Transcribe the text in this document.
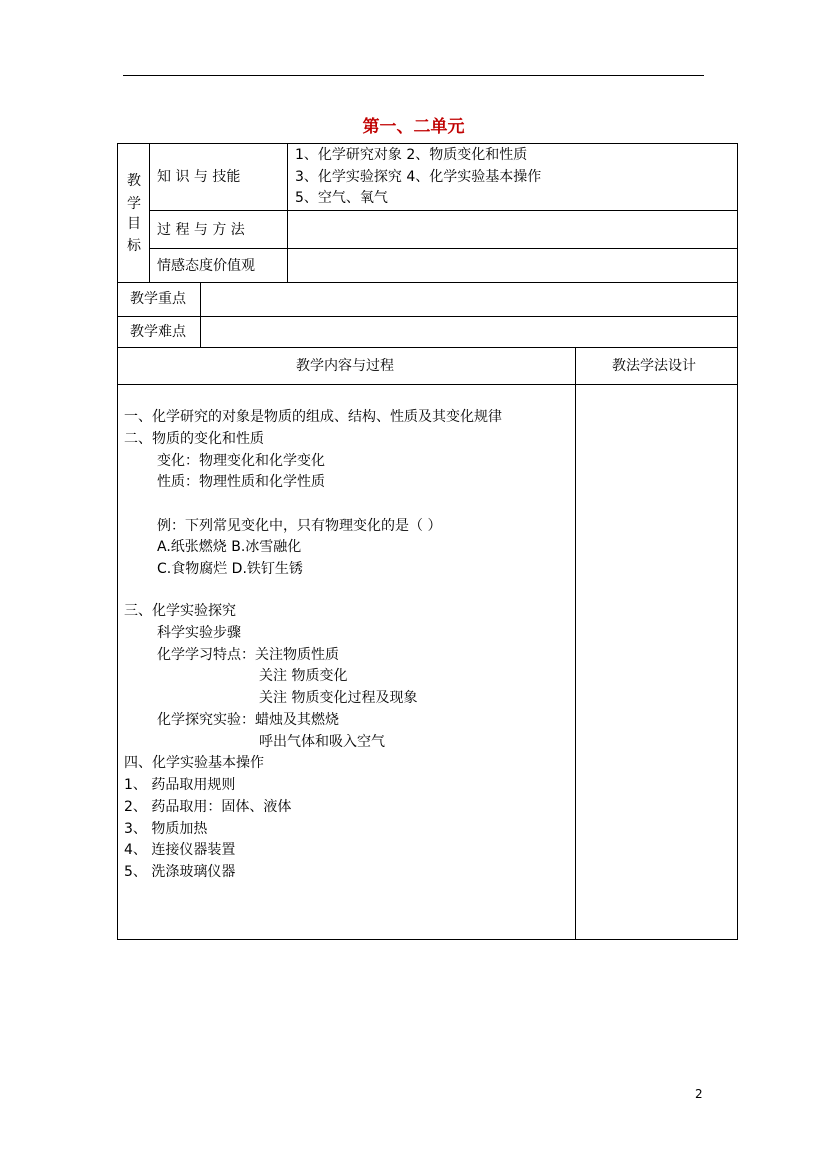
第一、二单元
教
学
目
标
知 识 与 技能
1、化学研究对象 2、物质变化和性质
3、化学实验探究 4、化学实验基本操作
5、空气、氧气
过 程 与 方 法
情感态度价值观
教学重点
教学难点
教学内容与过程	教法学法设计
一、化学研究的对象是物质的组成、结构、性质及其变化规律
二、物质的变化和性质
变化：物理变化和化学变化
性质：物理性质和化学性质
例：下列常见变化中，只有物理变化的是（ ）
A.纸张燃烧 B.冰雪融化
C.食物腐烂 D.铁钉生锈
三、化学实验探究
科学实验步骤
化学学习特点：关注物质性质
关注 物质变化
关注 物质变化过程及现象
化学探究实验：蜡烛及其燃烧
呼出气体和吸入空气
四、化学实验基本操作
1、 药品取用规则
2、 药品取用：固体、液体
3、 物质加热
4、 连接仪器装置
5、 洗涤玻璃仪器
2
